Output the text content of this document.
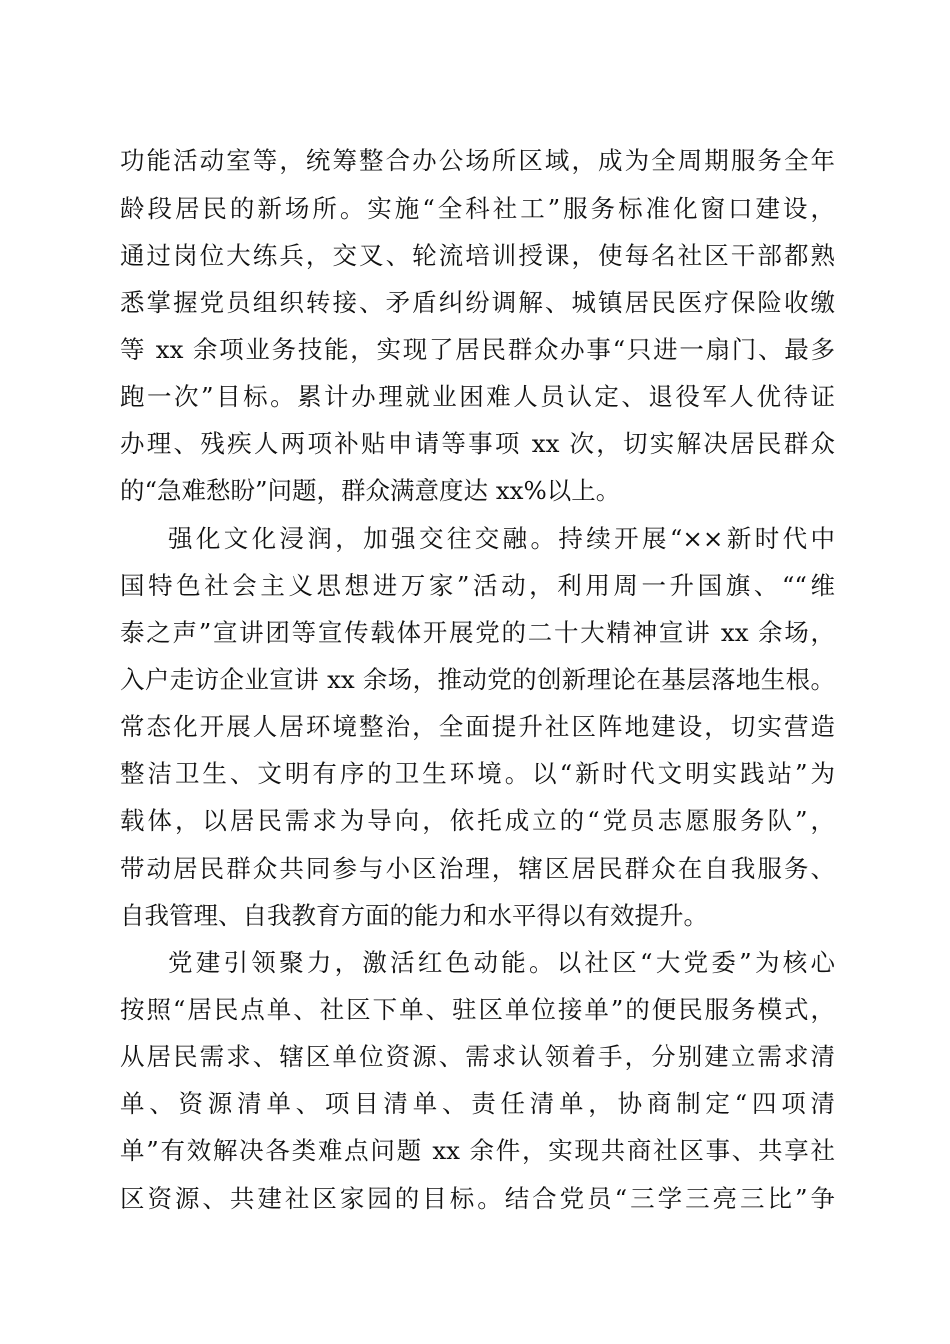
功能活动室等，统筹整合办公场所区域，成为全周期服务全年
龄段居民的新场所。实施“全科社工”服务标准化窗口建设，
通过岗位大练兵，交叉、轮流培训授课，使每名社区干部都熟
悉掌握党员组织转接、矛盾纠纷调解、城镇居民医疗保险收缴
等 xx 余项业务技能，实现了居民群众办事“只进一扇门、最多
跑一次”目标。累计办理就业困难人员认定、退役军人优待证
办理、残疾人两项补贴申请等事项 xx 次，切实解决居民群众
的“急难愁盼”问题，群众满意度达 xx%以上。
强化文化浸润，加强交往交融。持续开展“××新时代中
国特色社会主义思想进万家”活动，利用周一升国旗、““维
泰之声”宣讲团等宣传载体开展党的二十大精神宣讲 xx 余场，
入户走访企业宣讲 xx 余场，推动党的创新理论在基层落地生根。
常态化开展人居环境整治，全面提升社区阵地建设，切实营造
整洁卫生、文明有序的卫生环境。以“新时代文明实践站”为
载体，以居民需求为导向，依托成立的“党员志愿服务队”，
带动居民群众共同参与小区治理，辖区居民群众在自我服务、
自我管理、自我教育方面的能力和水平得以有效提升。
党建引领聚力，激活红色动能。以社区“大党委”为核心
按照“居民点单、社区下单、驻区单位接单”的便民服务模式，
从居民需求、辖区单位资源、需求认领着手，分别建立需求清
单、资源清单、项目清单、责任清单，协商制定“四项清
单”有效解决各类难点问题 xx 余件，实现共商社区事、共享社
区资源、共建社区家园的目标。结合党员“三学三亮三比”争
